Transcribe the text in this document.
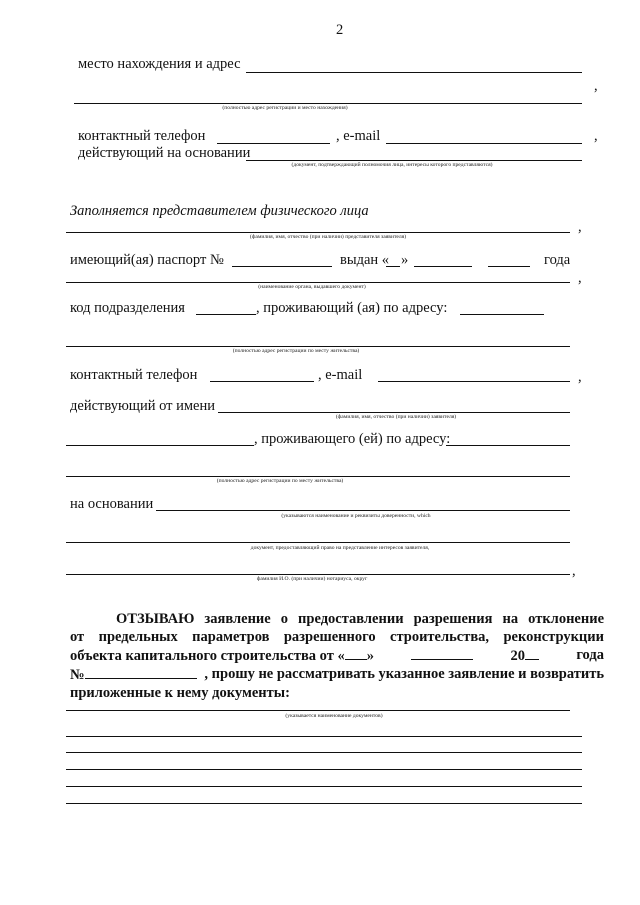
2
место нахождения и адрес
,
(полностью адрес регистрации и место нахождения)
контактный телефон	, e-mail	,
действующий на основании
(документ, подтверждающий полномочия лица, интересы которого представляются)
Заполняется представителем физического лица
,
(фамилия, имя, отчество (при наличии) представителя заявителя)
имеющий(ая) паспорт №	выдан « »	года
,
(наименование органа, выдавшего документ)
код подразделения	, проживающий (ая) по адресу:
(полностью адрес регистрации по месту жительства)
контактный телефон	, e-mail	,
действующий от имени
(фамилия, имя, отчество (при наличии) заявителя)
, проживающего (ей) по адресу:
(полностью адрес регистрации по месту жительства)
на основании
(указываются наименование и реквизиты доверенности, which
документ, предоставляющий право на представление интересов заявителя,
,
фамилия И.О. (при наличии) нотариуса, округ
ОТЗЫВАЮ заявление о предоставлении разрешения на отклонение
от предельных параметров разрешенного строительства, реконструкции
объекта капитального строительства от « »	20	года
№	, прошу не рассматривать указанное заявление и возвратить
приложенные к нему документы:
(указывается наименование документов)
